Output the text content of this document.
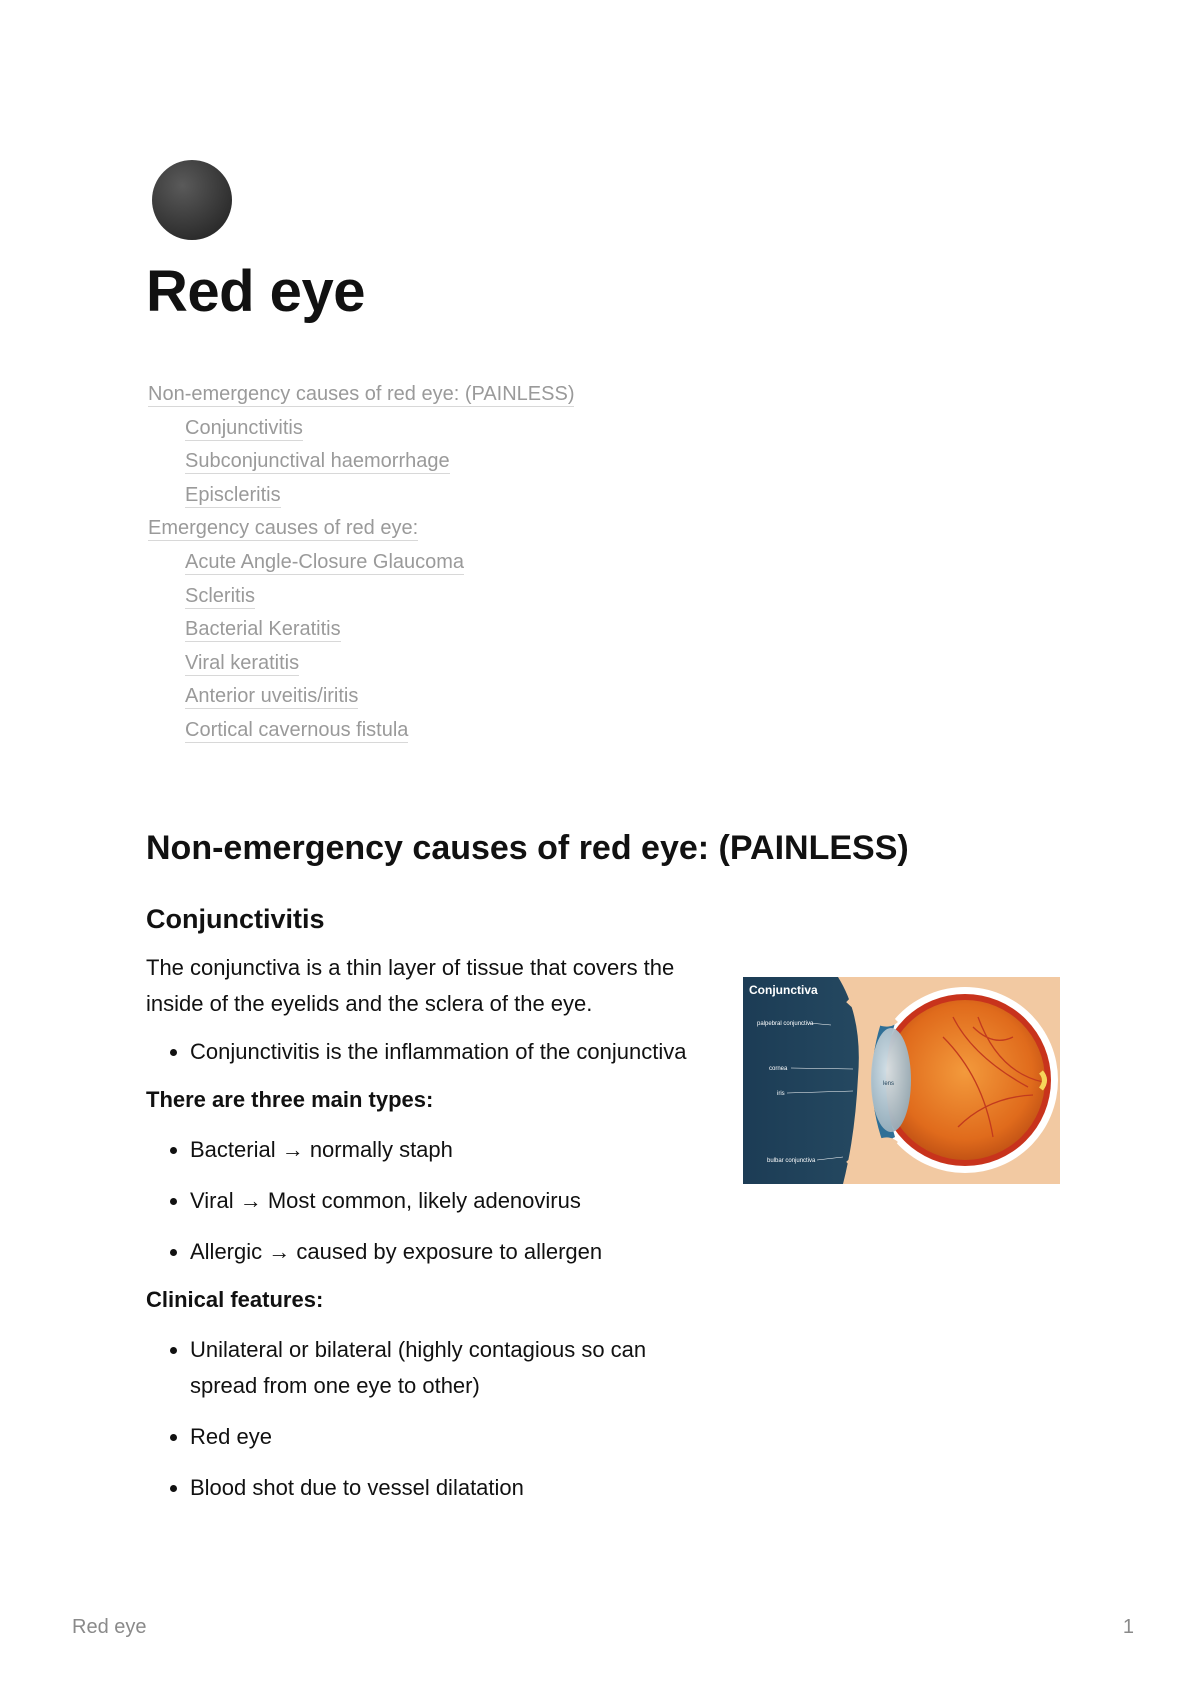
Red eye
Non-emergency causes of red eye: (PAINLESS)
Conjunctivitis
Subconjunctival haemorrhage
Episcleritis
Emergency causes of red eye:
Acute Angle-Closure Glaucoma
Scleritis
Bacterial Keratitis
Viral keratitis
Anterior uveitis/iritis
Cortical cavernous fistula
Non-emergency causes of red eye: (PAINLESS)
Conjunctivitis

The conjunctiva is a thin layer of tissue that covers the inside of the eyelids and the sclera of the eye.

• Conjunctivitis is the inflammation of the conjunctiva

There are three main types:

• Bacterial → normally staph
• Viral → Most common, likely adenovirus
• Allergic → caused by exposure to allergen

Clinical features:

• Unilateral or bilateral (highly contagious so can spread from one eye to other)
• Red eye
• Blood shot due to vessel dilatation
Conjunctiva
palpebral conjunctiva
cornea
iris
lens
bulbar conjunctiva
Red eye	1
